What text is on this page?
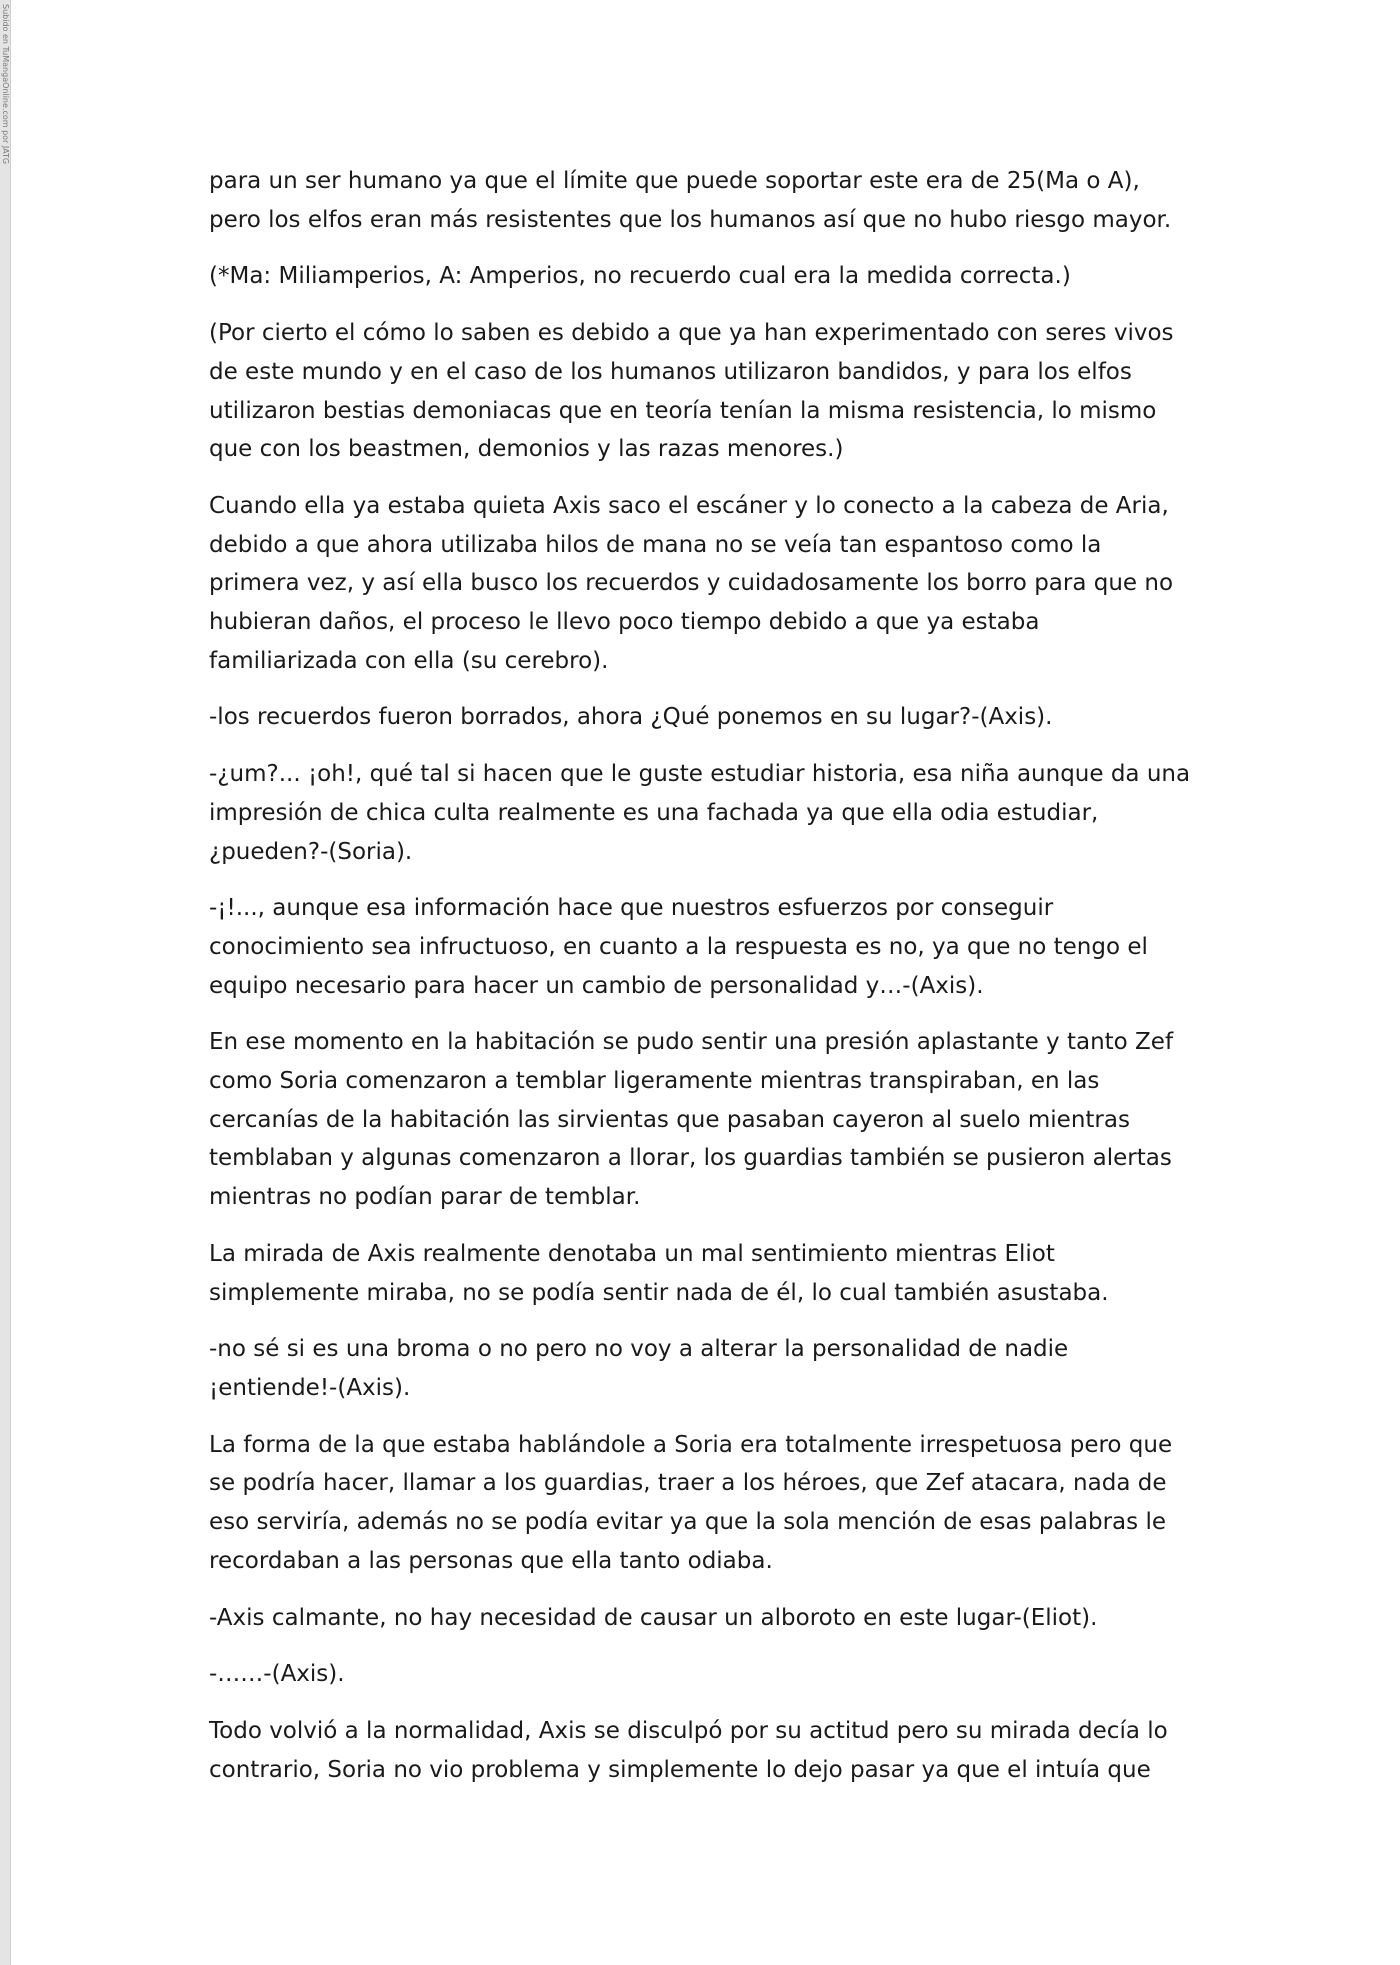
Subido en TuMangaOnline.com por JATG

para un ser humano ya que el límite que puede soportar este era de 25(Ma o A),
pero los elfos eran más resistentes que los humanos así que no hubo riesgo mayor.

(*Ma: Miliamperios, A: Amperios, no recuerdo cual era la medida correcta.)

(Por cierto el cómo lo saben es debido a que ya han experimentado con seres vivos
de este mundo y en el caso de los humanos utilizaron bandidos, y para los elfos
utilizaron bestias demoniacas que en teoría tenían la misma resistencia, lo mismo
que con los beastmen, demonios y las razas menores.)

Cuando ella ya estaba quieta Axis saco el escáner y lo conecto a la cabeza de Aria,
debido a que ahora utilizaba hilos de mana no se veía tan espantoso como la
primera vez, y así ella busco los recuerdos y cuidadosamente los borro para que no
hubieran daños, el proceso le llevo poco tiempo debido a que ya estaba
familiarizada con ella (su cerebro).

-los recuerdos fueron borrados, ahora ¿Qué ponemos en su lugar?-(Axis).

-¿um?... ¡oh!, qué tal si hacen que le guste estudiar historia, esa niña aunque da una
impresión de chica culta realmente es una fachada ya que ella odia estudiar,
¿pueden?-(Soria).

-¡!..., aunque esa información hace que nuestros esfuerzos por conseguir
conocimiento sea infructuoso, en cuanto a la respuesta es no, ya que no tengo el
equipo necesario para hacer un cambio de personalidad y…-(Axis).

En ese momento en la habitación se pudo sentir una presión aplastante y tanto Zef
como Soria comenzaron a temblar ligeramente mientras transpiraban, en las
cercanías de la habitación las sirvientas que pasaban cayeron al suelo mientras
temblaban y algunas comenzaron a llorar, los guardias también se pusieron alertas
mientras no podían parar de temblar.

La mirada de Axis realmente denotaba un mal sentimiento mientras Eliot
simplemente miraba, no se podía sentir nada de él, lo cual también asustaba.

-no sé si es una broma o no pero no voy a alterar la personalidad de nadie
¡entiende!-(Axis).

La forma de la que estaba hablándole a Soria era totalmente irrespetuosa pero que
se podría hacer, llamar a los guardias, traer a los héroes, que Zef atacara, nada de
eso serviría, además no se podía evitar ya que la sola mención de esas palabras le
recordaban a las personas que ella tanto odiaba.

-Axis calmante, no hay necesidad de causar un alboroto en este lugar-(Eliot).

-……-(Axis).

Todo volvió a la normalidad, Axis se disculpó por su actitud pero su mirada decía lo
contrario, Soria no vio problema y simplemente lo dejo pasar ya que el intuía que
